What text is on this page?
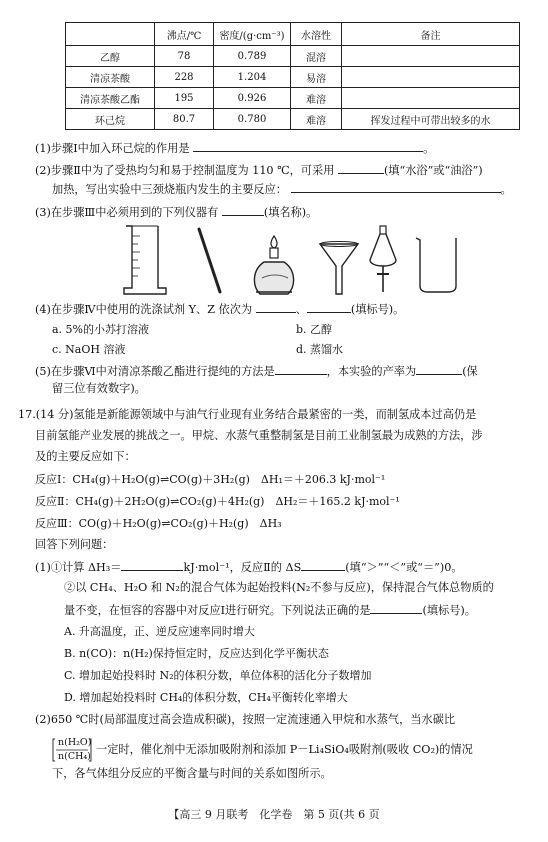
	沸点/℃	密度/(g·cm⁻³)	水溶性	备注
乙醇	78	0.789	混溶	
清凉茶酸	228	1.204	易溶	
清凉茶酸乙酯	195	0.926	难溶	
环己烷	80.7	0.780	难溶	挥发过程中可带出较多的水
(1)步骤Ⅰ中加入环己烷的作用是	。
(2)步骤Ⅱ中为了受热均匀和易于控制温度为 110 ℃，可采用	(填“水浴”或“油浴”)
加热，写出实验中三颈烧瓶内发生的主要反应：	。
(3)在步骤Ⅲ中必须用到的下列仪器有	(填名称)。
(4)在步骤Ⅳ中使用的洗涤试剂 Y、Z 依次为	、	(填标号)。
a. 5%的小苏打溶液	b. 乙醇
c. NaOH 溶液	d. 蒸馏水
(5)在步骤Ⅵ中对清凉茶酸乙酯进行提纯的方法是	，本实验的产率为	(保
留三位有效数字)。
17.(14 分)氢能是新能源领域中与油气行业现有业务结合最紧密的一类，而制氢成本过高仍是
目前氢能产业发展的挑战之一。甲烷、水蒸气重整制氢是目前工业制氢最为成熟的方法，涉
及的主要反应如下：
反应Ⅰ：CH₄(g)＋H₂O(g)⇌CO(g)＋3H₂(g)　ΔH₁＝＋206.3 kJ·mol⁻¹
反应Ⅱ：CH₄(g)＋2H₂O(g)⇌CO₂(g)＋4H₂(g)　ΔH₂＝＋165.2 kJ·mol⁻¹
反应Ⅲ：CO(g)＋H₂O(g)⇌CO₂(g)＋H₂(g)　ΔH₃
回答下列问题：
(1)①计算 ΔH₃＝	kJ·mol⁻¹，反应Ⅱ的 ΔS	(填“＞”“＜”或“＝”)0。
②以 CH₄、H₂O 和 N₂的混合气体为起始投料(N₂不参与反应)，保持混合气体总物质的
量不变，在恒容的容器中对反应Ⅰ进行研究。下列说法正确的是	(填标号)。
A. 升高温度，正、逆反应速率同时增大
B. n(CO)：n(H₂)保持恒定时，反应达到化学平衡状态
C. 增加起始投料时 N₂的体积分数，单位体积的活化分子数增加
D. 增加起始投料时 CH₄的体积分数，CH₄平衡转化率增大
(2)650 ℃时(局部温度过高会造成积碳)，按照一定流速通入甲烷和水蒸气，当水碳比
n(H₂O)
n(CH₄)
一定时，催化剂中无添加吸附剂和添加 P－Li₄SiO₄吸附剂(吸收 CO₂)的情况
下，各气体组分反应的平衡含量与时间的关系如图所示。
【高三 9 月联考　化学卷　第 5 页(共 6 页
